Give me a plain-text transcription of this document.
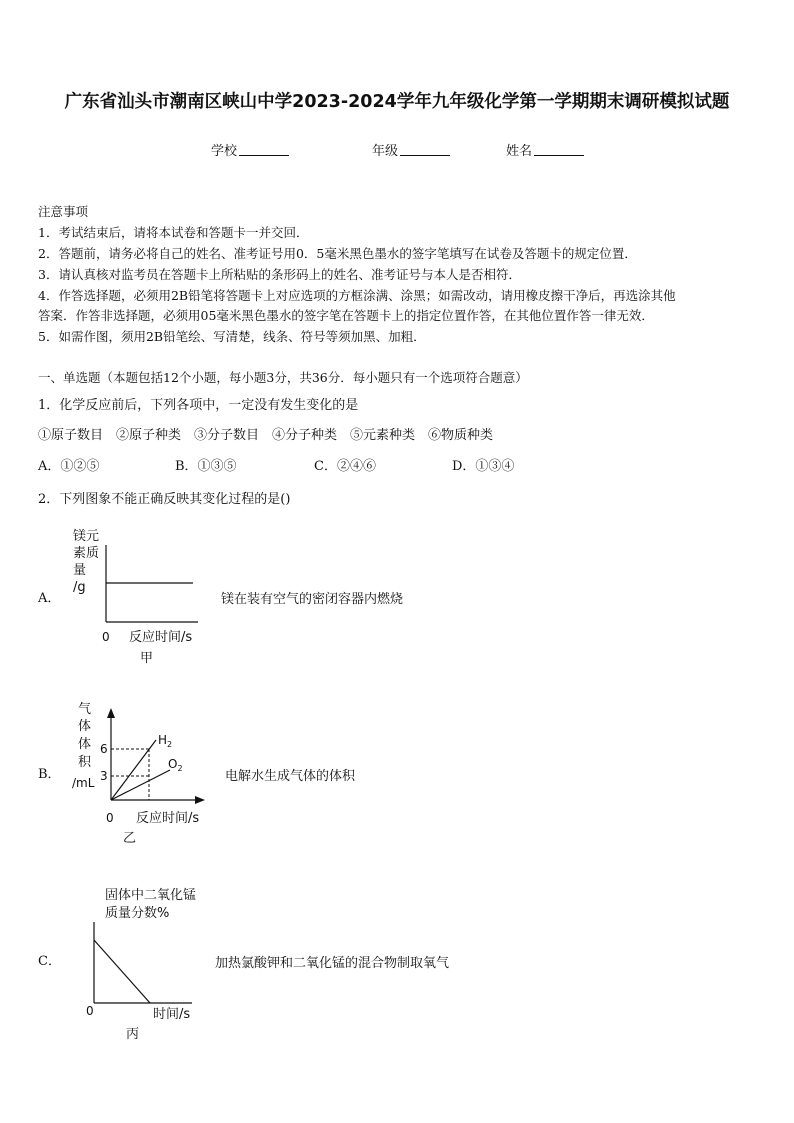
广东省汕头市潮南区峡山中学2023-2024学年九年级化学第一学期期末调研模拟试题
学校	年级	姓名
注意事项
1．考试结束后，请将本试卷和答题卡一并交回．
2．答题前，请务必将自己的姓名、准考证号用0．5毫米黑色墨水的签字笔填写在试卷及答题卡的规定位置．
3．请认真核对监考员在答题卡上所粘贴的条形码上的姓名、准考证号与本人是否相符．
4．作答选择题，必须用2B铅笔将答题卡上对应选项的方框涂满、涂黑；如需改动，请用橡皮擦干净后，再选涂其他
答案．作答非选择题，必须用05毫米黑色墨水的签字笔在答题卡上的指定位置作答，在其他位置作答一律无效．
5．如需作图，须用2B铅笔绘、写清楚，线条、符号等须加黑、加粗．
一、单选题（本题包括12个小题，每小题3分，共36分．每小题只有一个选项符合题意）
1．化学反应前后，下列各项中，一定没有发生变化的是
①原子数目　②原子种类　③分子数目　④分子种类　⑤元素种类　⑥物质种类
A．①②⑤	B．①③⑤	C．②④⑥	D．①③④
2．下列图象不能正确反映其变化过程的是()
A．
镁元
素质
量
/g
0 反应时间/s
甲
镁在装有空气的密闭容器内燃烧
B．
气
体
体
积
/mL
6
3
$H_2$
$O_2$
0 反应时间/s
乙
电解水生成气体的体积
C．
固体中二氧化锰
质量分数%
0	时间/s
丙
加热氯酸钾和二氧化锰的混合物制取氧气
